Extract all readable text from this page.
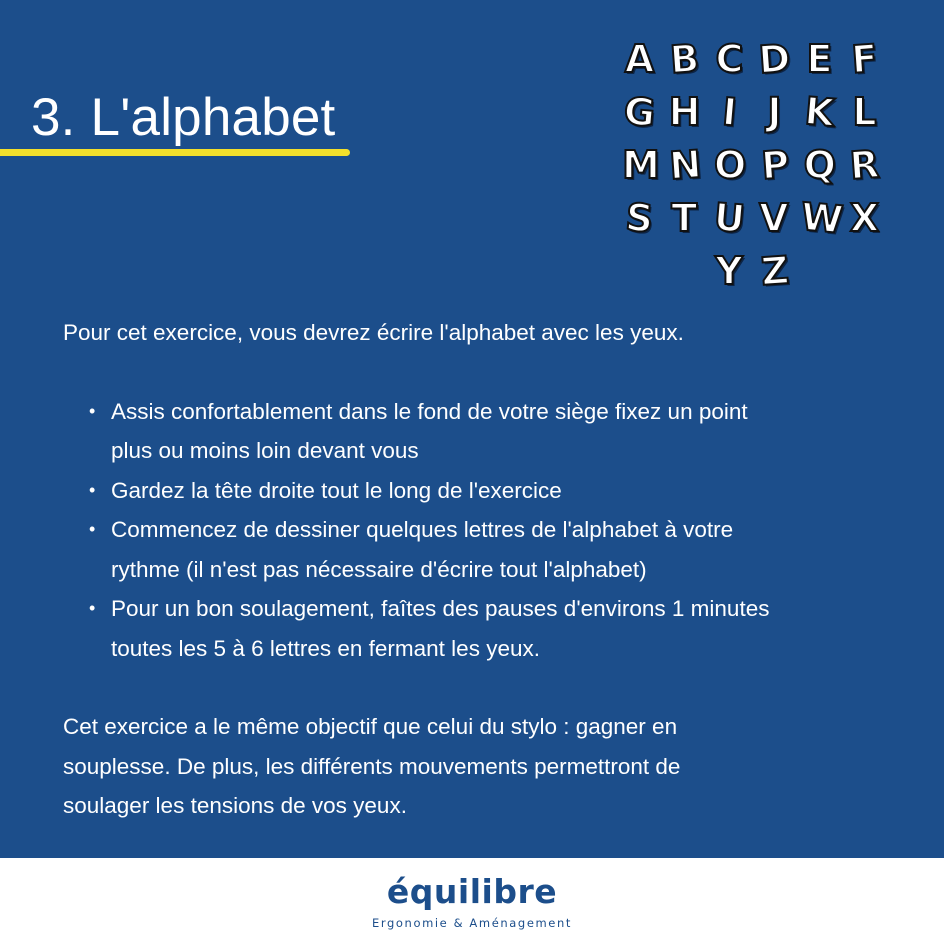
3. L'alphabet
A B C D E F
G H I J K L
M N O P Q R
S T U V W X
Y Z

Pour cet exercice, vous devrez écrire l'alphabet avec les yeux.

• Assis confortablement dans le fond de votre siège fixez un point
plus ou moins loin devant vous
• Gardez la tête droite tout le long de l'exercice
• Commencez de dessiner quelques lettres de l'alphabet à votre
rythme (il n'est pas nécessaire d'écrire tout l'alphabet)
• Pour un bon soulagement, faîtes des pauses d'environs 1 minutes
toutes les 5 à 6 lettres en fermant les yeux.

Cet exercice a le même objectif que celui du stylo : gagner en
souplesse. De plus, les différents mouvements permettront de
soulager les tensions de vos yeux.

équilibre
Ergonomie & Aménagement
